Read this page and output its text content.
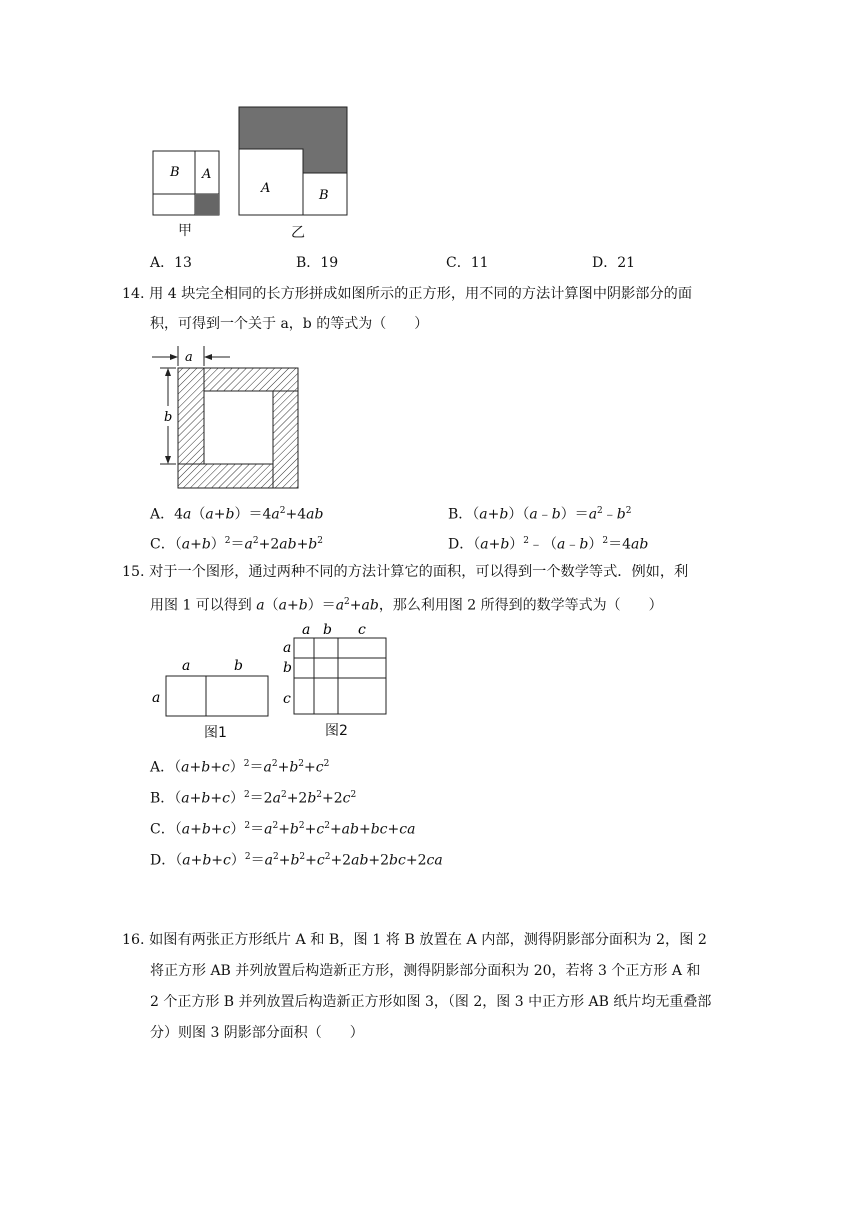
B A
甲
A	B
乙
A．13	B．19	C．11	D．21
14. 用 4 块完全相同的长方形拼成如图所示的正方形，用不同的方法计算图中阴影部分的面
积，可得到一个关于 a，b 的等式为（　　）
a
b
A．$4a(a+b)=4a^2+4ab$	B．$(a+b)(a﹣b)=a^2﹣b^2$
C．$(a+b)^2=a^2+2ab+b^2$	D．$(a+b)^2﹣(a﹣b)^2=4ab$
15. 对于一个图形，通过两种不同的方法计算它的面积，可以得到一个数学等式．例如，利
用图 1 可以得到 $a(a+b)=a^2+ab$，那么利用图 2 所得到的数学等式为（　　）
a	b
a
图1
a b c
a
b
c
图2
A．$(a+b+c)^2=a^2+b^2+c^2$
B．$(a+b+c)^2=2a^2+2b^2+2c^2$
C．$(a+b+c)^2=a^2+b^2+c^2+ab+bc+ca$
D．$(a+b+c)^2=a^2+b^2+c^2+2ab+2bc+2ca$
16. 如图有两张正方形纸片 A 和 B，图 1 将 B 放置在 A 内部，测得阴影部分面积为 2，图 2
将正方形 AB 并列放置后构造新正方形，测得阴影部分面积为 20，若将 3 个正方形 A 和
2 个正方形 B 并列放置后构造新正方形如图 3，（图 2，图 3 中正方形 AB 纸片均无重叠部
分）则图 3 阴影部分面积（　　）
